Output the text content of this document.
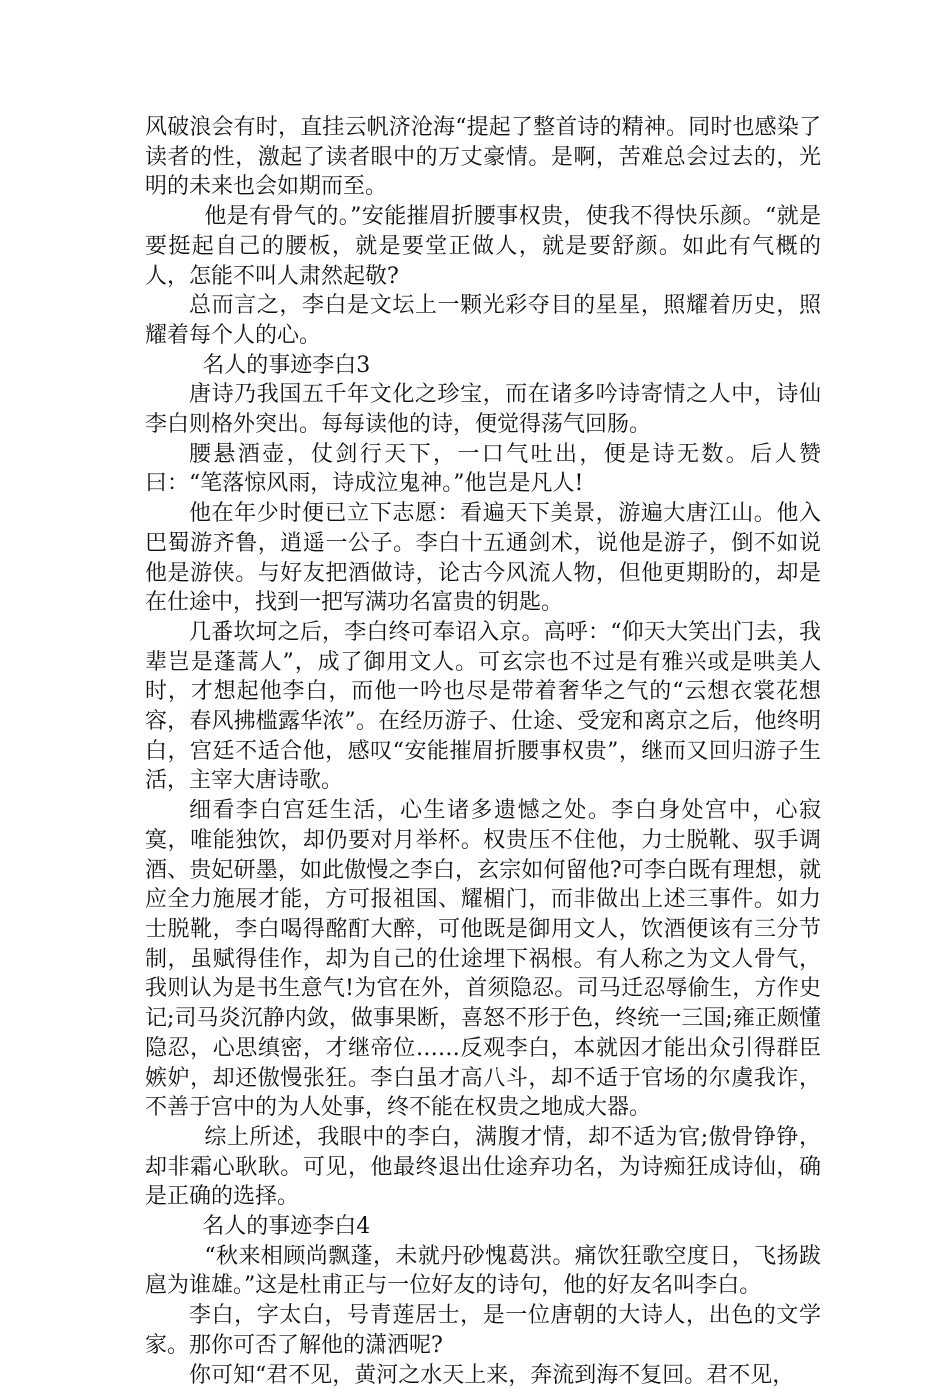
风破浪会有时，直挂云帆济沧海“提起了整首诗的精神。同时也感染了读者的性，激起了读者眼中的万丈豪情。是啊，苦难总会过去的，光明的未来也会如期而至。

他是有骨气的。”安能摧眉折腰事权贵，使我不得快乐颜。“就是要挺起自己的腰板，就是要堂正做人，就是要舒颜。如此有气概的人，怎能不叫人肃然起敬?

总而言之，李白是文坛上一颗光彩夺目的星星，照耀着历史，照耀着每个人的心。

名人的事迹李白3

唐诗乃我国五千年文化之珍宝，而在诸多吟诗寄情之人中，诗仙李白则格外突出。每每读他的诗，便觉得荡气回肠。

腰悬酒壶，仗剑行天下，一口气吐出，便是诗无数。后人赞曰：“笔落惊风雨，诗成泣鬼神。”他岂是凡人!

他在年少时便已立下志愿：看遍天下美景，游遍大唐江山。他入巴蜀游齐鲁，逍遥一公子。李白十五通剑术，说他是游子，倒不如说他是游侠。与好友把酒做诗，论古今风流人物，但他更期盼的，却是在仕途中，找到一把写满功名富贵的钥匙。

几番坎坷之后，李白终可奉诏入京。高呼：“仰天大笑出门去，我辈岂是蓬蒿人”，成了御用文人。可玄宗也不过是有雅兴或是哄美人时，才想起他李白，而他一吟也尽是带着奢华之气的“云想衣裳花想容，春风拂槛露华浓”。在经历游子、仕途、受宠和离京之后，他终明白，宫廷不适合他，感叹“安能摧眉折腰事权贵”，继而又回归游子生活，主宰大唐诗歌。

细看李白宫廷生活，心生诸多遗憾之处。李白身处宫中，心寂寞，唯能独饮，却仍要对月举杯。权贵压不住他，力士脱靴、驭手调酒、贵妃研墨，如此傲慢之李白，玄宗如何留他?可李白既有理想，就应全力施展才能，方可报祖国、耀楣门，而非做出上述三事件。如力士脱靴，李白喝得酩酊大醉，可他既是御用文人，饮酒便该有三分节制，虽赋得佳作，却为自己的仕途埋下祸根。有人称之为文人骨气，我则认为是书生意气!为官在外，首须隐忍。司马迁忍辱偷生，方作史记;司马炎沉静内敛，做事果断，喜怒不形于色，终统一三国;雍正颇懂隐忍，心思缜密，才继帝位……反观李白，本就因才能出众引得群臣嫉妒，却还傲慢张狂。李白虽才高八斗，却不适于官场的尔虞我诈，不善于宫中的为人处事，终不能在权贵之地成大器。

综上所述，我眼中的李白，满腹才情，却不适为官;傲骨铮铮，却非霜心耿耿。可见，他最终退出仕途弃功名，为诗痴狂成诗仙，确是正确的选择。

名人的事迹李白4

“秋来相顾尚飘蓬，未就丹砂愧葛洪。痛饮狂歌空度日，飞扬跋扈为谁雄。”这是杜甫正与一位好友的诗句，他的好友名叫李白。

李白，字太白，号青莲居士，是一位唐朝的大诗人，出色的文学家。那你可否了解他的潇洒呢?

你可知“君不见，黄河之水天上来，奔流到海不复回。君不见，
